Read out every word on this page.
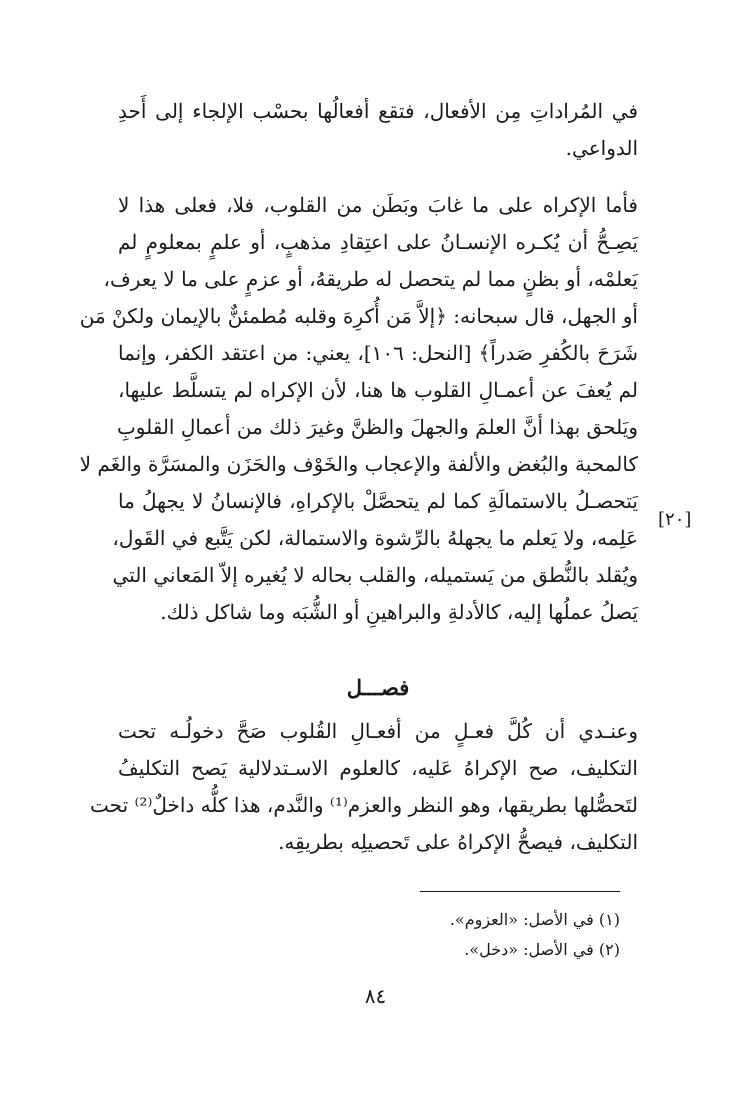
في المُراداتِ مِن الأفعال، فتقع أفعالُها بحسْب الإلجاء إلى أَحدِ
الدواعي.
فأما الإكراه على ما غابَ وبَطَن من القلوب، فلا، فعلى هذا لا
يَصِـحُّ أن يُكـره الإنسـانُ على اعتِقادِ مذهبٍ، أو علمٍ بمعلومٍ لم
يَعلمْه، أو بظنٍ مما لم يتحصل له طريقهُ، أو عزمٍ على ما لا يعرف،
أو الجهل، قال سبحانه: ﴿إلاَّ مَن أُكرِهَ وقلبه مُطمئنٌّ بالإيمان ولكنْ مَن
شَرَحَ بالكُفرِ صَدراً﴾ [النحل: ١٠٦]، يعني: من اعتقد الكفر، وإنما
لم يُعفَ عن أعمـالِ القلوب ها هنا، لأن الإكراه لم يتسلَّط عليها،
ويَلحق بهذا أنَّ العلمَ والجهلَ والظنَّ وغيرَ ذلك من أعمالِ القلوبِ
كالمحبة والبُغض والألفة والإعجاب والخَوْف والحَزَن والمسَرَّة والغَم لا
يَتحصـلُ بالاستمالَةِ كما لم يتحصَّلْ بالإكراهِ، فالإنسانُ لا يجهلُ ما
عَلِمه، ولا يَعلم ما يجهلهُ بالرِّشوة والاستمالة، لكن يَتَّبع في القَول،
ويُقلد بالنُّطق من يَستميله، والقلب بحاله لا يُغيره إلاّ المَعاني التي
يَصلُ عملُها إليه، كالأدلةِ والبراهينِ أو الشُّبَه وما شاكل ذلك.
[٢٠]
فصـــل
وعنـدي أن كُلَّ فعـلٍ من أفعـالِ القُلوب صَحَّ دخولُـه تحت
التكليف، صح الإكراهُ عَليه، كالعلوم الاسـتدلالية يَصح التكليفُ
لتَحصُّلها بطريقها، وهو النظر والعزم⁽¹⁾ والنَّدم، هذا كلُّه داخلٌ⁽²⁾ تحت
التكليف، فيصحُّ الإكراهُ على تَحصيلِه بطريقِه.
(١) في الأصل: «العزوم».
(٢) في الأصل: «دخل».
٨٤
